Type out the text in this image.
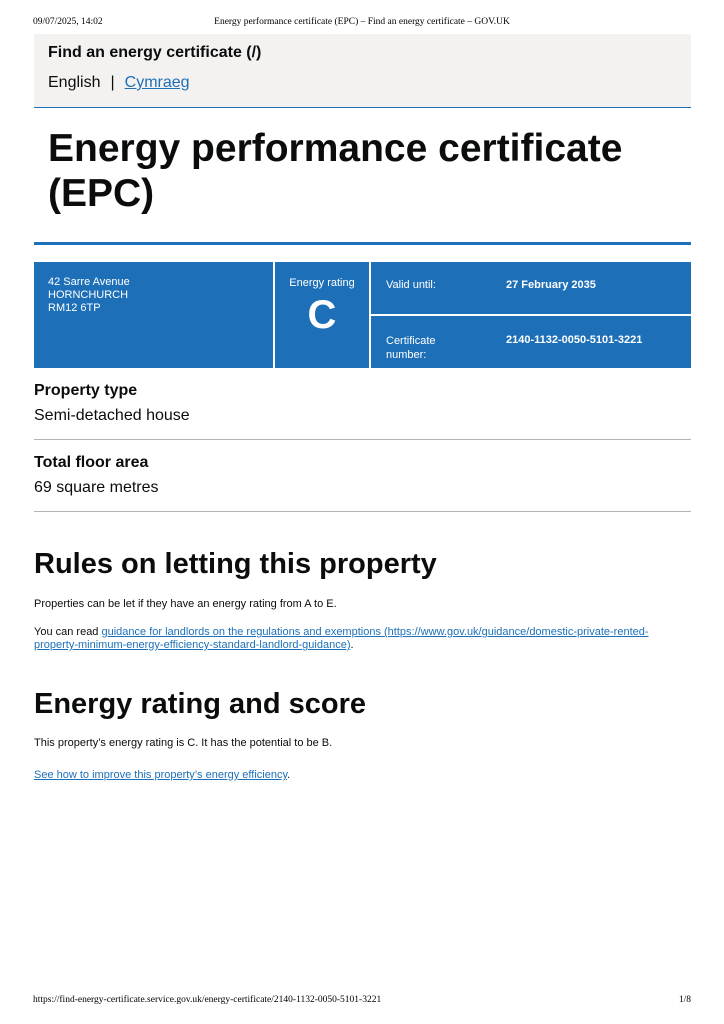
09/07/2025, 14:02	Energy performance certificate (EPC) – Find an energy certificate – GOV.UK
Find an energy certificate (/)
English | Cymraeg
Energy performance certificate (EPC)
42 Sarre Avenue
HORNCHURCH
RM12 6TP
Energy rating
C
Valid until:	27 February 2035
Certificate number:
2140-1132-0050-5101-3221
Property type
Semi-detached house
Total floor area
69 square metres
Rules on letting this property

Properties can be let if they have an energy rating from A to E.

You can read guidance for landlords on the regulations and exemptions (https://www.gov.uk/guidance/domestic-private-rented-property-minimum-energy-efficiency-standard-landlord-guidance).

Energy rating and score

This property’s energy rating is C. It has the potential to be B.

See how to improve this property’s energy efficiency.

https://find-energy-certificate.service.gov.uk/energy-certificate/2140-1132-0050-5101-3221	1/8
